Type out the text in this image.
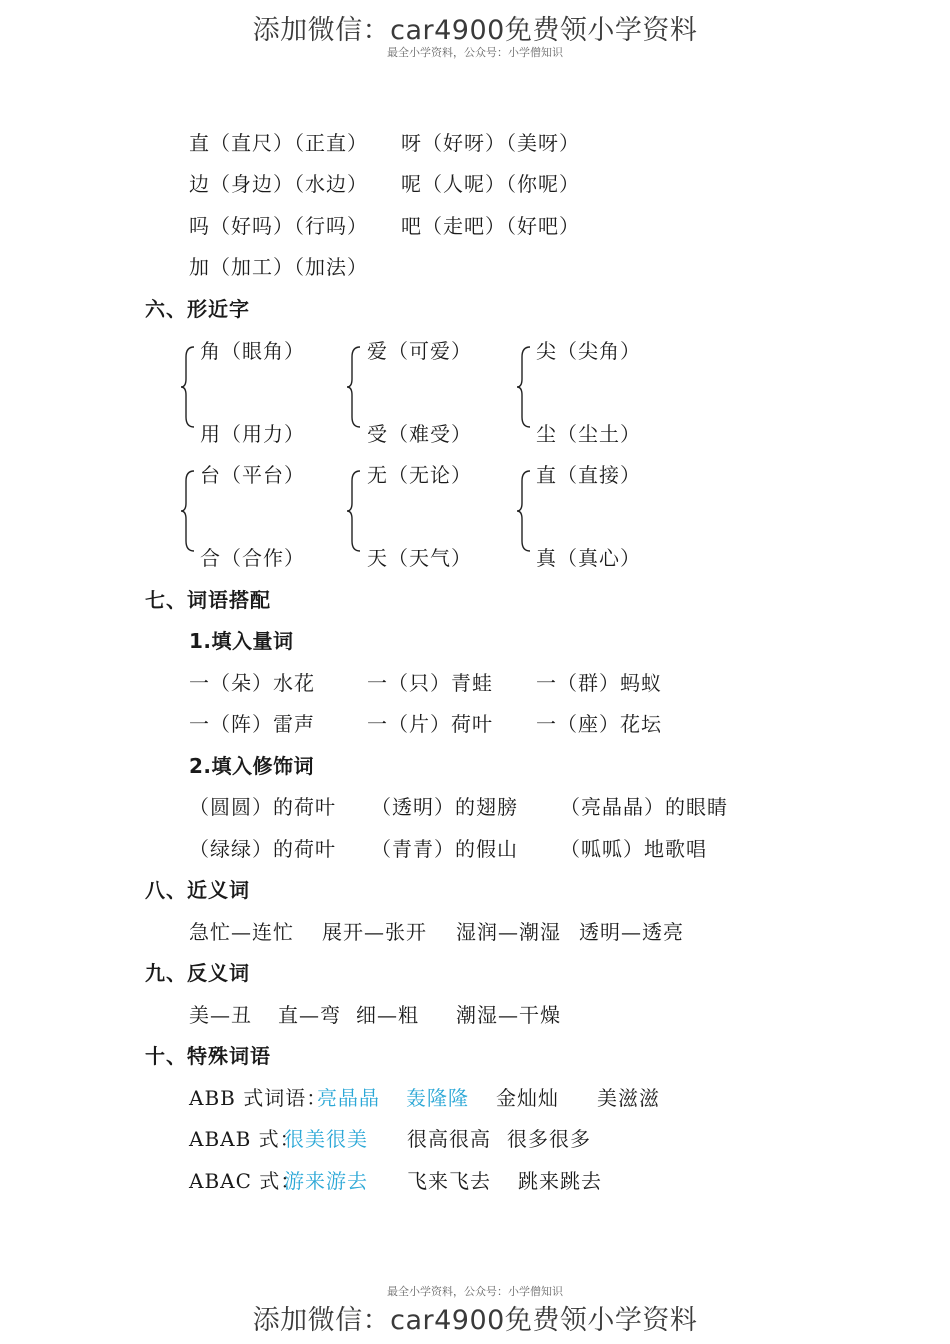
添加微信：car4900免费领小学资料
最全小学资料，公众号：小学僧知识
直（直尺）（正直） 呀（好呀）（美呀）
边（身边）（水边） 呢（人呢）（你呢）
吗（好吗）（行吗） 吧（走吧）（好吧）
加（加工）（加法）
六、形近字
角（眼角）
用（用力）
爱（可爱）
受（难受）
尖（尖角）
尘（尘土）
台（平台）
合（合作）
无（无论）
天（天气）
直（直接）
真（真心）
七、词语搭配
1.填入量词
一（朵）水花	一（只）青蛙 一（群）蚂蚁
一（阵）雷声	一（片）荷叶 一（座）花坛
2.填入修饰词
（圆圆）的荷叶 （透明）的翅膀 （亮晶晶）的眼睛
（绿绿）的荷叶 （青青）的假山 （呱呱）地歌唱
八、近义词
急忙—连忙 展开—张开 湿润—潮湿 透明—透亮
九、反义词
美—丑 直—弯 细—粗 潮湿—干燥
十、特殊词语
ABB 式词语：
亮晶晶 轰隆隆 金灿灿 美滋滋
ABAB 式：
很美很美 很高很高 很多很多
ABAC 式：
游来游去 飞来飞去 跳来跳去
最全小学资料，公众号：小学僧知识
添加微信：car4900免费领小学资料
